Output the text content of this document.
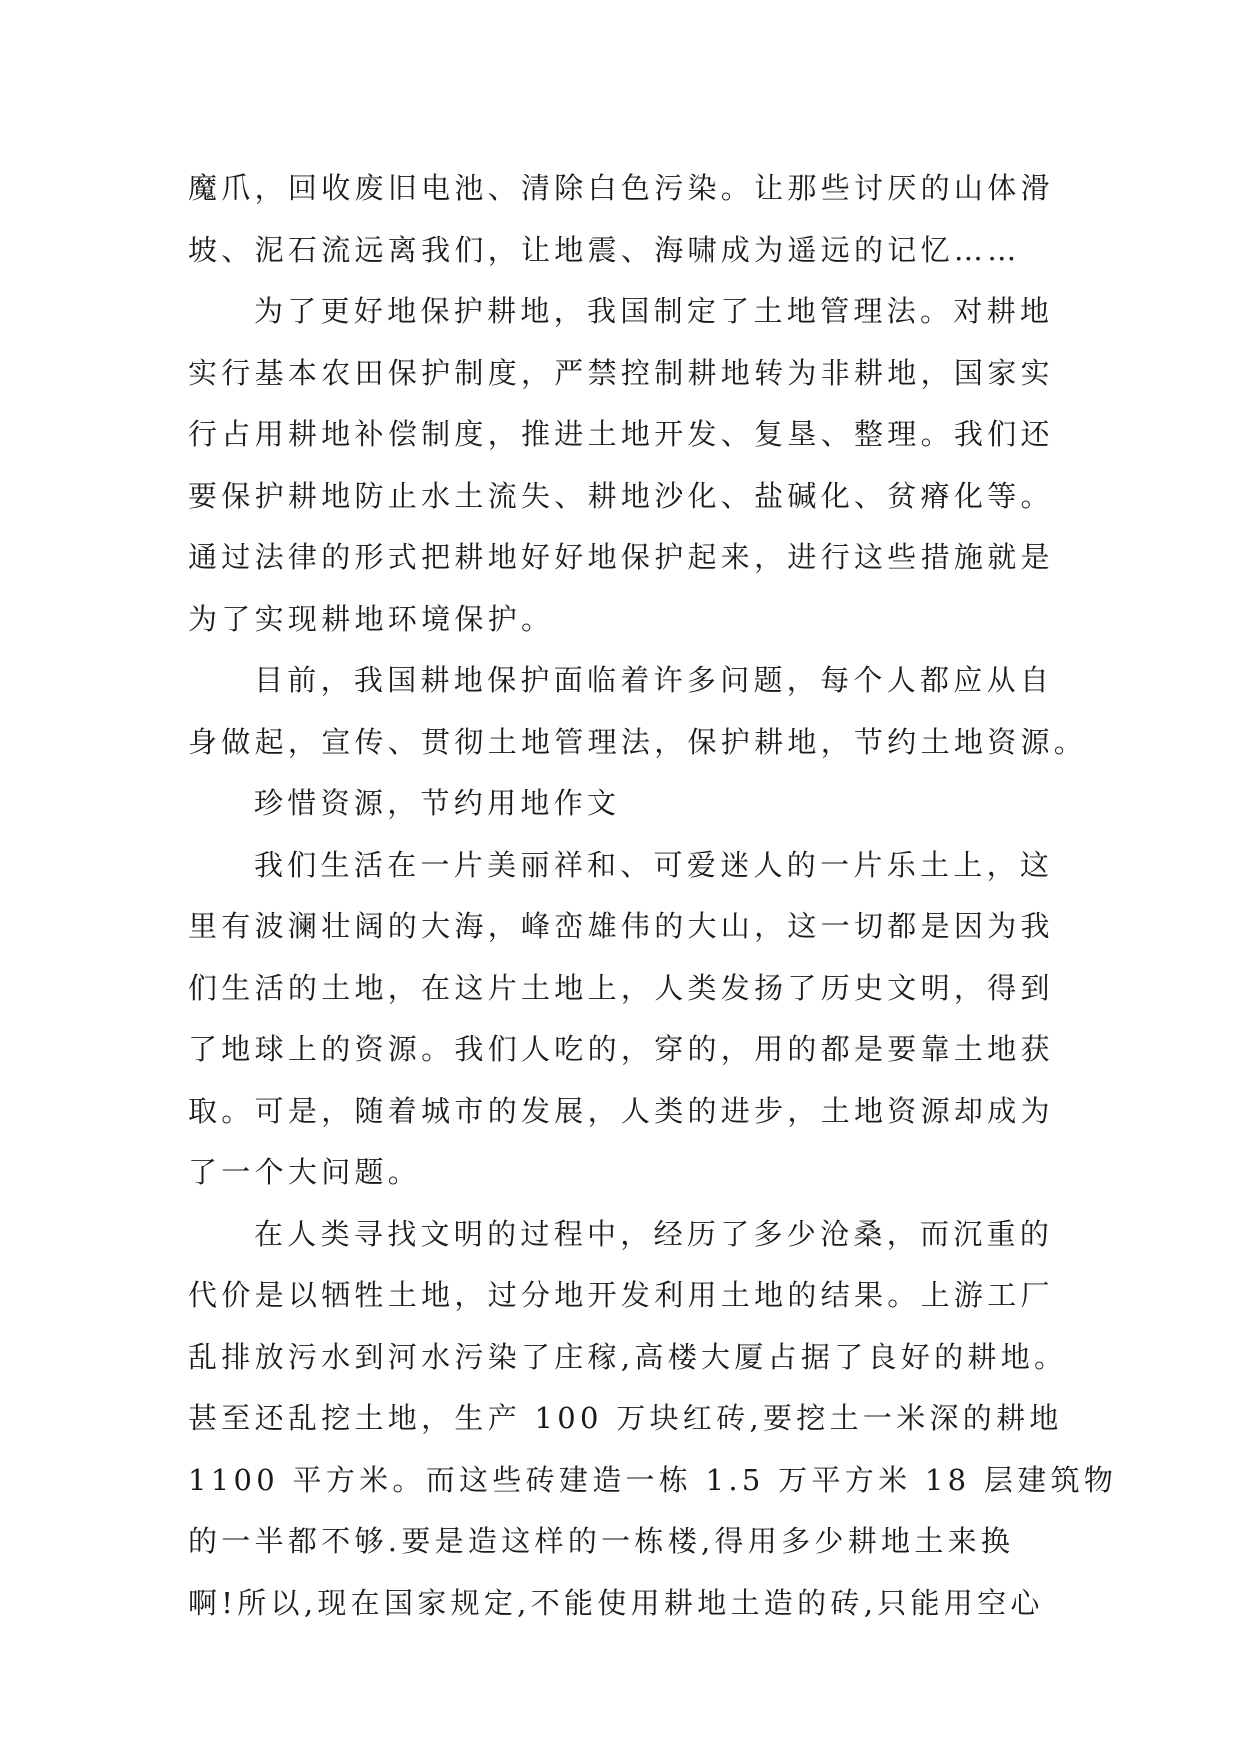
魔爪，回收废旧电池、清除白色污染。让那些讨厌的山体滑
坡、泥石流远离我们，让地震、海啸成为遥远的记忆……
为了更好地保护耕地，我国制定了土地管理法。对耕地
实行基本农田保护制度，严禁控制耕地转为非耕地，国家实
行占用耕地补偿制度，推进土地开发、复垦、整理。我们还
要保护耕地防止水土流失、耕地沙化、盐碱化、贫瘠化等。
通过法律的形式把耕地好好地保护起来，进行这些措施就是
为了实现耕地环境保护。
目前，我国耕地保护面临着许多问题，每个人都应从自
身做起，宣传、贯彻土地管理法，保护耕地，节约土地资源。
珍惜资源，节约用地作文
我们生活在一片美丽祥和、可爱迷人的一片乐土上，这
里有波澜壮阔的大海，峰峦雄伟的大山，这一切都是因为我
们生活的土地，在这片土地上，人类发扬了历史文明，得到
了地球上的资源。我们人吃的，穿的，用的都是要靠土地获
取。可是，随着城市的发展，人类的进步，土地资源却成为
了一个大问题。
在人类寻找文明的过程中，经历了多少沧桑，而沉重的
代价是以牺牲土地，过分地开发利用土地的结果。上游工厂
乱排放污水到河水污染了庄稼,高楼大厦占据了良好的耕地。
甚至还乱挖土地，生产 100 万块红砖,要挖土一米深的耕地
1100 平方米。而这些砖建造一栋 1.5 万平方米 18 层建筑物
的一半都不够.要是造这样的一栋楼,得用多少耕地土来换
啊!所以,现在国家规定,不能使用耕地土造的砖,只能用空心
